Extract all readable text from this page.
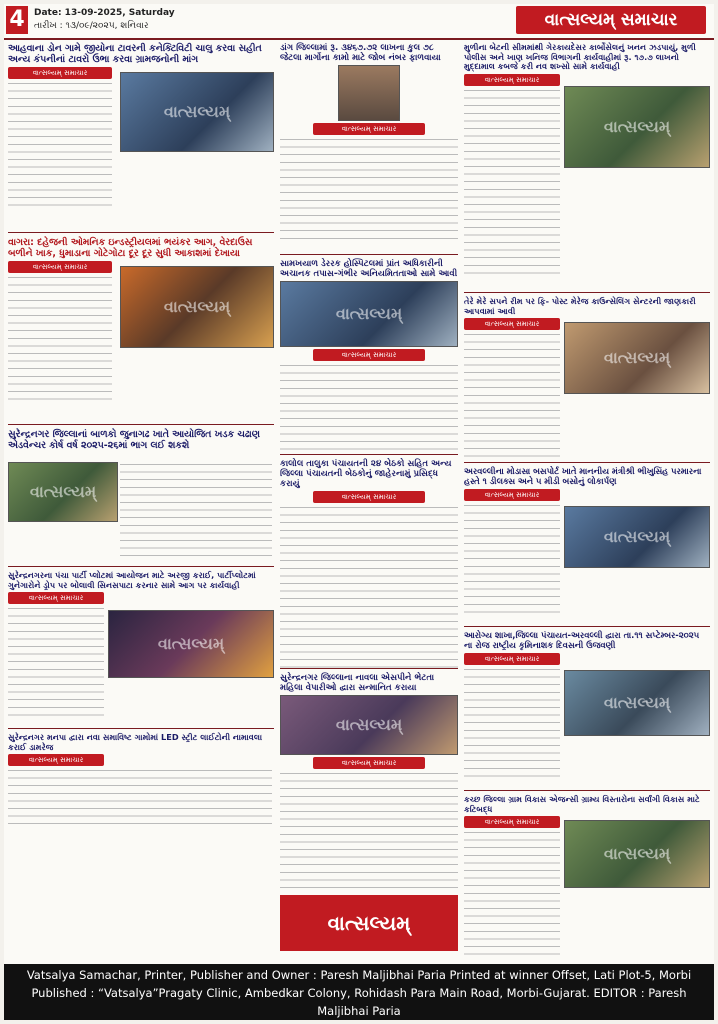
4	Date: 13-09-2025, Saturday
તારીખ : ૧૩/૦૯/૨૦૨૫, શનિવાર	વાત્સલ્યમ્ સમાચાર
આહવાના ડોન ગામે જીયોના ટાવરની કનેક્ટિવિટી ચાલુ કરવા સહીત અન્ય કંપનીનાં ટાવરો ઉભા કરવા ગ્રામજનોની માંગ
વાત્સલ્યમ્
વાત્સલ્યમ્ સમાચાર
વાગરા: દહેજની ઓમનિક ઇન્ડસ્ટ્રીયલમાં ભયંકર આગ, વેરદાઉસ બળીને ખાક, ધુમાડાના ગોટેગોટા દૂર દૂર સુધી આકાશમાં દેખાયા
વાત્સલ્યમ્
વાત્સલ્યમ્ સમાચાર
સુરેન્દ્રનગર જિલ્લાનાં બાળકો જુનાગઢ ખાતે આયોજિત ખડક ચઢાણ એડવેન્ચર કોર્ષ વર્ષ ૨૦૨૫-૨૬માં ભાગ લઈ શકશે
વાત્સલ્યમ્
સુરેન્દ્રનગરના પંચા પાર્ટી પ્લોટમાં આયોજન માટે અરજી કરાઈ, પાર્ટીપ્લોટમાં ગુનેગારોને ડ્રોપ પર બોલાવી સિનસપાટા કરનાર સામે આગ પર કાર્યવાહી
વાત્સલ્યમ્ સમાચાર
વાત્સલ્યમ્
સુરેન્દ્રનગર મનપા દ્વારા નવા સમાવિષ્ટ ગામોમાં LED સ્ટ્રીટ લાઈટોની નામાવલા કરાઈ ડામરેજ
વાત્સલ્યમ્ સમાચાર
ડાંગ જિલ્લામાં રૂ. ૩૪૬૭.૭૨ લાખના કુલ ૭૮ જેટલા માર્ગોના કામો માટે જોબ નંબર ફાળવાયા
વાત્સલ્યમ્ સમાચાર
સામખયાળ ડેરરક હોસ્પિટલમાં પ્રાંત અધિકારીની અચાનક તપાસ-ગંભીર અનિયમિતતાઓ સામે આવી
વાત્સલ્યમ્
વાત્સલ્યમ્ સમાચાર
કાલોલ તાલુકા પંચાયતની ૨૪ બેઠકો સહિત અન્ય જિલ્લા પંચાયતની બેઠકોનું જાહેરનામું પ્રસિદ્ધ કરાયું
વાત્સલ્યમ્ સમાચાર
સુરેન્દ્રનગર જિલ્લાના નાવલા એસપીને ભેટતા મહિલા વેપારીઓ દ્વારા સન્માનિત કરાયા
વાત્સલ્યમ્
વાત્સલ્યમ્ સમાચાર
વાત્સલ્યમ્
મુળીના બેટની સીમમાંથી ગેરકાયદેસર કાર્બોસેલનું ખનન ઝડપાયું, મુળી પોલીસ અને ખાણ ખનિજ વિભાગની કાર્યવાહીમાં રૂ. ૧૭.૭ લાખનો મુદ્દામાલ કબજે કરી નવ શખ્સો સામે કાર્યવાહી
વાત્સલ્યમ્ સમાચાર
વાત્સલ્યમ્
તેરે મેરે સપને રીમ પર ફિ- પોસ્ટ મેરેજ કાઉન્સેલિંગ સેન્ટરની જાણકારી આપવામાં આવી
વાત્સલ્યમ્ સમાચાર
વાત્સલ્યમ્
અરવલ્લીના મોડાસા બસપોર્ટ ખાતે માનનીય મંત્રીશ્રી ભીખુસિંહ પરમારના હસ્તે ૧ ડીલક્સ અને ૫ મીડી બસોનું લોકાર્પણ
વાત્સલ્યમ્ સમાચાર
વાત્સલ્યમ્
આરોગ્ય શાખા,જિલ્લા પંચાયત-અરવલ્લી દ્વારા તા.૧૧ સપ્ટેમ્બર-૨૦૨૫ ના રોજ રાષ્ટ્રીય કૃમિનાશક દિવસની ઉજવણી
વાત્સલ્યમ્ સમાચાર
વાત્સલ્યમ્
કચ્છ જિલ્લા ગ્રામ વિકાસ એજન્સી ગ્રામ્ય વિસ્તારોના સર્વાંગી વિકાસ માટે કટિબદ્ધ
વાત્સલ્યમ્ સમાચાર
વાત્સલ્યમ્
Vatsalya Samachar, Printer, Publisher and Owner : Paresh Maljibhai Paria Printed at winner Offset, Lati Plot-5, Morbi
Published : “Vatsalya”Pragaty Clinic, Ambedkar Colony, Rohidash Para Main Road, Morbi-Gujarat. EDITOR : Paresh Maljibhai Paria
